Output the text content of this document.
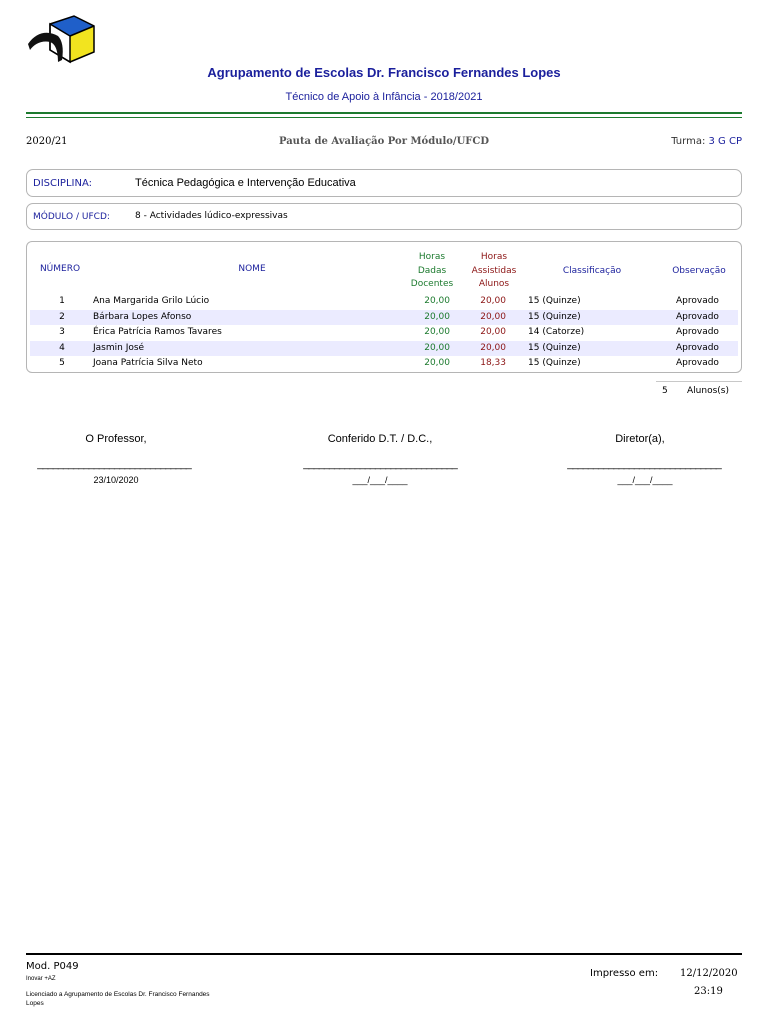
Agrupamento de Escolas Dr. Francisco Fernandes Lopes
Técnico de Apoio à Infância - 2018/2021
2020/21	Pauta de Avaliação Por Módulo/UFCD	Turma: 3 G CP
DISCIPLINA:	Técnica Pedagógica e Intervenção Educativa
MÓDULO / UFCD:	8 - Actividades lúdico-expressivas
NÚMERO	NOME
Horas
Dadas
Docentes
Horas
Assistidas
Alunos
Classificação	Observação
1	Ana Margarida Grilo Lúcio	20,00	20,00 15 (Quinze)	Aprovado
2	Bárbara Lopes Afonso	20,00	20,00 15 (Quinze)	Aprovado
3	Érica Patrícia Ramos Tavares	20,00	20,00 14 (Catorze)	Aprovado
4	Jasmin José	20,00	20,00 15 (Quinze)	Aprovado
5	Joana Patrícia Silva Neto	20,00	18,33 15 (Quinze)	Aprovado
5 Alunos(s)
O Professor,
______________________________
23/10/2020
Conferido D.T. / D.C.,
______________________________
___/___/____
Diretor(a),
______________________________
___/___/____
Mod. P049
Inovar +AZ
Licenciado a Agrupamento de Escolas Dr. Francisco Fernandes Lopes
Impresso em: 12/12/2020
23:19
